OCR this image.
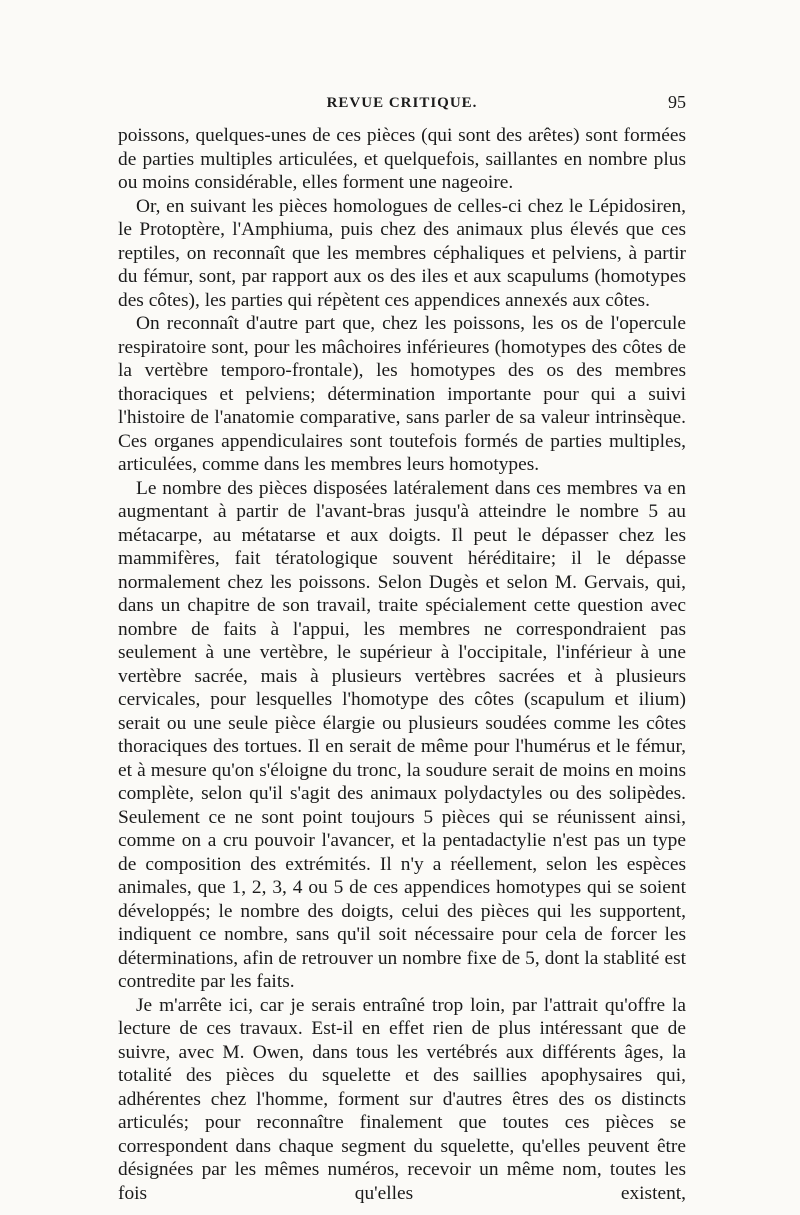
REVUE CRITIQUE.	95

poissons, quelques-unes de ces pièces (qui sont des arêtes) sont formées de parties multiples articulées, et quelquefois, saillantes en nombre plus ou moins considérable, elles forment une nageoire.

Or, en suivant les pièces homologues de celles-ci chez le Lépidosiren, le Protoptère, l'Amphiuma, puis chez des animaux plus élevés que ces reptiles, on reconnaît que les membres céphaliques et pelviens, à partir du fémur, sont, par rapport aux os des iles et aux scapulums (homotypes des côtes), les parties qui répètent ces appendices annexés aux côtes.

On reconnaît d'autre part que, chez les poissons, les os de l'opercule respiratoire sont, pour les mâchoires inférieures (homotypes des côtes de la vertèbre temporo-frontale), les homotypes des os des membres thoraciques et pelviens; détermination importante pour qui a suivi l'histoire de l'anatomie comparative, sans parler de sa valeur intrinsèque. Ces organes appendiculaires sont toutefois formés de parties multiples, articulées, comme dans les membres leurs homotypes.

Le nombre des pièces disposées latéralement dans ces membres va en augmentant à partir de l'avant-bras jusqu'à atteindre le nombre 5 au métacarpe, au métatarse et aux doigts. Il peut le dépasser chez les mammifères, fait tératologique souvent héréditaire; il le dépasse normalement chez les poissons. Selon Dugès et selon M. Gervais, qui, dans un chapitre de son travail, traite spécialement cette question avec nombre de faits à l'appui, les membres ne correspondraient pas seulement à une vertèbre, le supérieur à l'occipitale, l'inférieur à une vertèbre sacrée, mais à plusieurs vertèbres sacrées et à plusieurs cervicales, pour lesquelles l'homotype des côtes (scapulum et ilium) serait ou une seule pièce élargie ou plusieurs soudées comme les côtes thoraciques des tortues. Il en serait de même pour l'humérus et le fémur, et à mesure qu'on s'éloigne du tronc, la soudure serait de moins en moins complète, selon qu'il s'agit des animaux polydactyles ou des solipèdes. Seulement ce ne sont point toujours 5 pièces qui se réunissent ainsi, comme on a cru pouvoir l'avancer, et la pentadactylie n'est pas un type de composition des extrémités. Il n'y a réellement, selon les espèces animales, que 1, 2, 3, 4 ou 5 de ces appendices homotypes qui se soient développés; le nombre des doigts, celui des pièces qui les supportent, indiquent ce nombre, sans qu'il soit nécessaire pour cela de forcer les déterminations, afin de retrouver un nombre fixe de 5, dont la stablité est contredite par les faits.

Je m'arrête ici, car je serais entraîné trop loin, par l'attrait qu'offre la lecture de ces travaux. Est-il en effet rien de plus intéressant que de suivre, avec M. Owen, dans tous les vertébrés aux différents âges, la totalité des pièces du squelette et des saillies apophysaires qui, adhérentes chez l'homme, forment sur d'autres êtres des os distincts articulés; pour reconnaître finalement que toutes ces pièces se correspondent dans chaque segment du squelette, qu'elles peuvent être désignées par les mêmes numéros, recevoir un même nom, toutes les fois qu'elles existent,
